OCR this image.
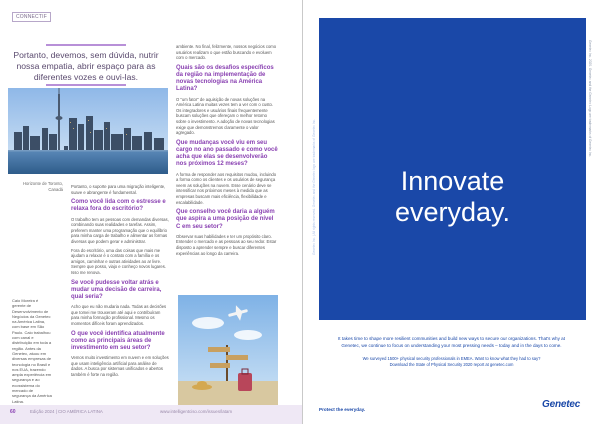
CONNECTIF
Portanto, devemos, sem dúvida, nutrir nossa empatia, abrir espaço para as diferentes vozes e ouvi-las.
Horizonte de Toronto, Canadá

Caio Moreira é gerente de Desenvolvimento de Negócios da Genetec na América Latina, com base em São Paulo. Caio trabalhou com canal e distribuição em toda a região. Antes da Genetec, atuou em diversas empresas de tecnologia no Brasil e nos EUA, trazendo ampla experiência em segurança e ao ecossistema do mercado de segurança da América Latina.

Portanto, o suporte para uma migração inteligente, suave e abrangente é fundamental.

Como você lida com o estresse e relaxa fora do escritório?

O trabalho tem as pessoas com demandas diversas, combinando suas realidades e tarefas. Assim, preferem manter uma programação que o equilíbrio para minha carga de trabalho e alimentar as formas diversas que podem gerar e administrar.

Fora do escritório, uma das coisas que mais me ajudam a relaxar é o contato com a família e os amigos, caminhar e outras atividades ao ar livre. Sempre que posso, viajo e conheço novos lugares. Isso me renova.

Se você pudesse voltar atrás e mudar uma decisão de carreira, qual seria?

Acho que eu não mudaria nada. Todas as decisões que tomei me trouxeram até aqui e contribuíram para minha formação profissional. Mesmo os momentos difíceis foram aprendizados.

O que você identifica atualmente como as principais áreas de investimento em seu setor?

Vemos muito investimento em nuvem e em soluções que usam inteligência artificial para análise de dados. A busca por sistemas unificados e abertos também é forte na região.

ambiente. No final, felizmente, nossos negócios como usuários realizam o que estão buscando e evoluem com o mercado.

Quais são os desafios específicos da região na implementação de novas tecnologias na América Latina?

O "um fator" de aquisição de novas soluções na América Latina muitas vezes tem a ver com o custo. Os integradores e usuários finais frequentemente buscam soluções que ofereçam o melhor retorno sobre o investimento. A adoção de novas tecnologias exige que demonstremos claramente o valor agregado.

Que mudanças você viu em seu cargo no ano passado e como você acha que elas se desenvolverão nos próximos 12 meses?

A forma de responder aos requisitos mudou, incluindo a forma como os clientes e os usuários de segurança veem as soluções na nuvem. Esse cenário deve se intensificar nos próximos meses à medida que as empresas buscam mais eficiência, flexibilidade e escalabilidade.

Que conselho você daria a alguém que aspira a uma posição de nível C em seu setor?

Observar suas habilidades e ter um propósito claro. Entender o mercado e as pessoas ao seu redor. Estar disposto a aprender sempre e buscar diferentes experiências ao longo da carreira.

60	Edição 2024 | CIO AMÉRICA LATINA	www.intelligentciso.com/issues/latam
Innovate
everyday.
Genetec Inc. | All rights reserved. Genetec and the Genetec logo are trademarks of Genetec Inc.
Genetec Inc. 2020. Genetec and the Genetec Logo are trademarks of Genetec Inc.
It takes time to shape more resilient communities and build new ways to secure our organizations. That's why at
Genetec, we continue to focus on understanding your most pressing needs – today and in the days to come.
We surveyed 1500+ physical security professionals in EMEA. Want to know what they had to say?
Download the State of Physical Security 2020 report at genetec.com
Protect the everyday.	Genetec
